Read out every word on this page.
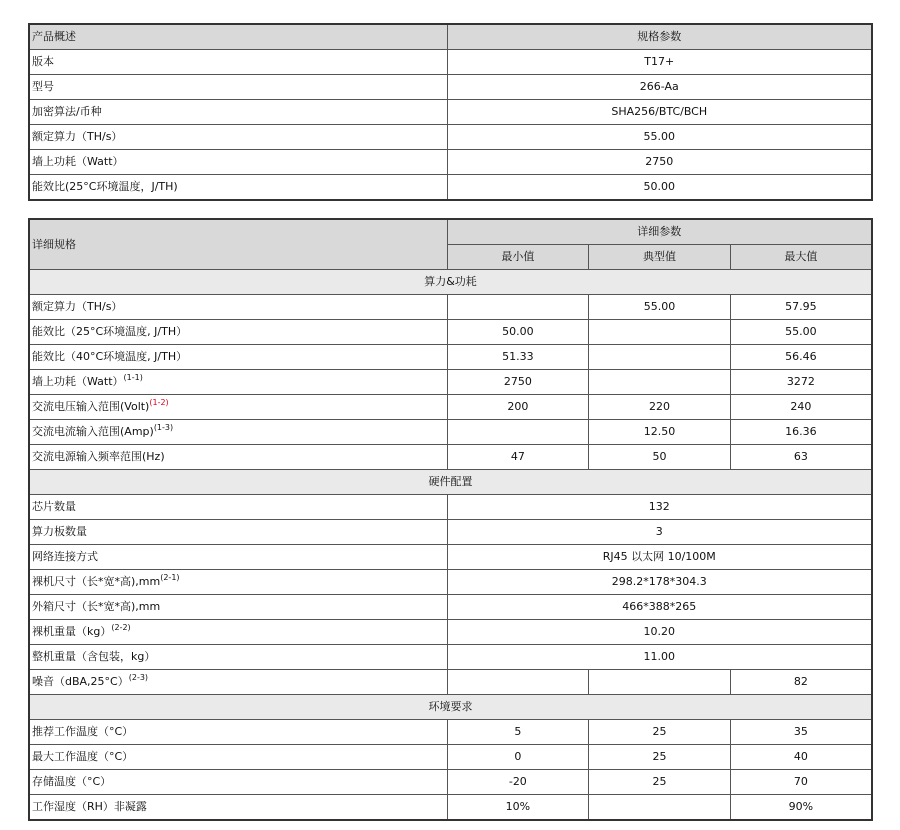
产品概述	规格参数
版本	T17+
型号	266-Aa
加密算法/币种	SHA256/BTC/BCH
额定算力（TH/s）	55.00
墙上功耗（Watt）	2750
能效比(25°C环境温度，J/TH)	50.00
详细规格	详细参数		
	最小值	典型值	最大值
算力&功耗			
额定算力（TH/s）		55.00	57.95
能效比（25°C环境温度, J/TH）	50.00		55.00
能效比（40°C环境温度, J/TH）	51.33		56.46
墙上功耗（Watt）$^{(1-1)}$	2750		3272
交流电压输入范围(Volt)$^{(1-2)}$	200	220	240
交流电流输入范围(Amp)$^{(1-3)}$		12.50	16.36
交流电源输入频率范围(Hz)	47	50	63
硬件配置			
芯片数量	132		
算力板数量	3		
网络连接方式	RJ45 以太网 10/100M		
裸机尺寸（长*宽*高)$,mm^{(2-1)}$	298.2*178*304.3		
外箱尺寸（长*宽*高),mm	466*388*265		
裸机重量（kg）$^{(2-2)}$	10.20		
整机重量（含包装，kg）	11.00		
噪音$(dBA,25^\circ C)^{(2-3)}$			82
环境要求			
推荐工作温度（°C）	5	25	35
最大工作温度（°C）	0	25	40
存储温度（°C）	-20	25	70
工作湿度（RH）非凝露	10%		90%
